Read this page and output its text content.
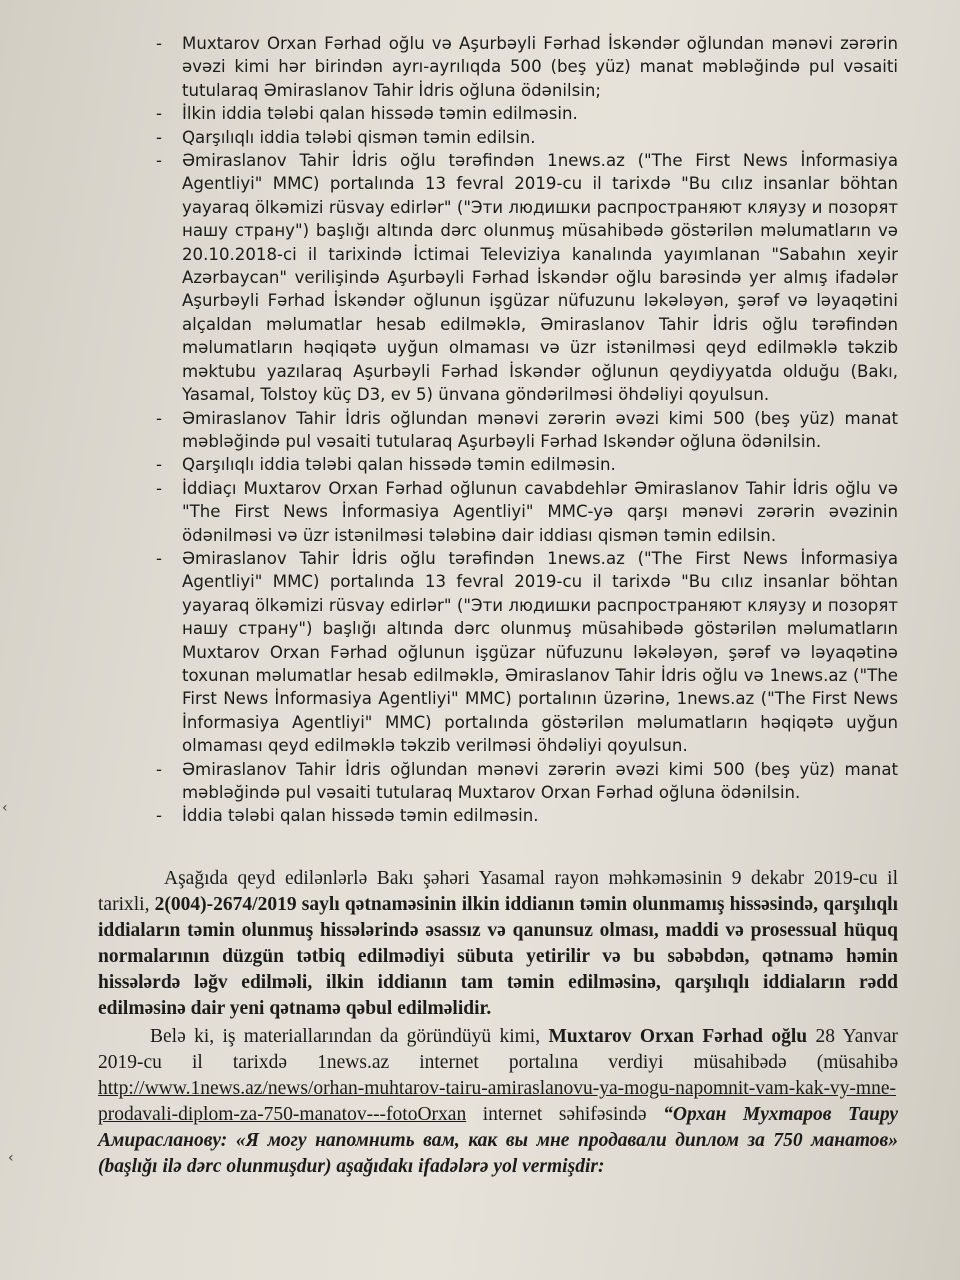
‹
‹
- Muxtarov Orxan Fərhad oğlu və Aşurbəyli Fərhad İskəndər oğlundan mənəvi zərərin əvəzi kimi hər birindən ayrı-ayrılıqda 500 (beş yüz) manat məbləğində pul vəsaiti tutularaq Əmiraslanov Tahir İdris oğluna ödənilsin;
- İlkin iddia tələbi qalan hissədə təmin edilməsin.
- Qarşılıqlı iddia tələbi qismən təmin edilsin.
- Əmiraslanov Tahir İdris oğlu tərəfindən 1news.az ("The First News İnformasiya Agentliyi" MMC) portalında 13 fevral 2019-cu il tarixdə "Bu cılız insanlar böhtan yayaraq ölkəmizi rüsvay edirlər" ("Эти людишки распространяют кляузу и позорят нашу страну") başlığı altında dərc olunmuş müsahibədə göstərilən məlumatların və 20.10.2018-ci il tarixində İctimai Televiziya kanalında yayımlanan "Sabahın xeyir Azərbaycan" verilişində Aşurbəyli Fərhad İskəndər oğlu barəsində yer almış ifadələr Aşurbəyli Fərhad İskəndər oğlunun işgüzar nüfuzunu ləkələyən, şərəf və ləyaqətini alçaldan məlumatlar hesab edilməklə, Əmiraslanov Tahir İdris oğlu tərəfindən məlumatların həqiqətə uyğun olmaması və üzr istənilməsi qeyd edilməklə təkzib məktubu yazılaraq Aşurbəyli Fərhad İskəndər oğlunun qeydiyyatda olduğu (Bakı, Yasamal, Tolstoy küç D3, ev 5) ünvana göndərilməsi öhdəliyi qoyulsun.
- Əmiraslanov Tahir İdris oğlundan mənəvi zərərin əvəzi kimi 500 (beş yüz) manat məbləğində pul vəsaiti tutularaq Aşurbəyli Fərhad Iskəndər oğluna ödənilsin.
- Qarşılıqlı iddia tələbi qalan hissədə təmin edilməsin.
- İddiaçı Muxtarov Orxan Fərhad oğlunun cavabdehlər Əmiraslanov Tahir İdris oğlu və "The First News İnformasiya Agentliyi" MMC-yə qarşı mənəvi zərərin əvəzinin ödənilməsi və üzr istənilməsi tələbinə dair iddiası qismən təmin edilsin.
- Əmiraslanov Tahir İdris oğlu tərəfindən 1news.az ("The First News İnformasiya Agentliyi" MMC) portalında 13 fevral 2019-cu il tarixdə "Bu cılız insanlar böhtan yayaraq ölkəmizi rüsvay edirlər" ("Эти людишки распространяют кляузу и позорят нашу страну") başlığı altında dərc olunmuş müsahibədə göstərilən məlumatların Muxtarov Orxan Fərhad oğlunun işgüzar nüfuzunu ləkələyən, şərəf və ləyaqətinə toxunan məlumatlar hesab edilməklə, Əmiraslanov Tahir İdris oğlu və 1news.az ("The First News İnformasiya Agentliyi" MMC) portalının üzərinə, 1news.az ("The First News İnformasiya Agentliyi" MMC) portalında göstərilən məlumatların həqiqətə uyğun olmaması qeyd edilməklə təkzib verilməsi öhdəliyi qoyulsun.
- Əmiraslanov Tahir İdris oğlundan mənəvi zərərin əvəzi kimi 500 (beş yüz) manat məbləğində pul vəsaiti tutularaq Muxtarov Orxan Fərhad oğluna ödənilsin.
- İddia tələbi qalan hissədə təmin edilməsin.

Aşağıda qeyd edilənlərlə Bakı şəhəri Yasamal rayon məhkəməsinin 9 dekabr 2019-cu il tarixli, 2(004)-2674/2019 saylı qətnaməsinin ilkin iddianın təmin olunmamış hissəsində, qarşılıqlı iddiaların təmin olunmuş hissələrində əsassız və qanunsuz olması, maddi və prosessual hüquq normalarının düzgün tətbiq edilmədiyi sübuta yetirilir və bu səbəbdən, qətnamə həmin hissələrdə ləğv edilməli, ilkin iddianın tam təmin edilməsinə, qarşılıqlı iddiaların rədd edilməsinə dair yeni qətnamə qəbul edilməlidir.

Belə ki, iş materiallarından da göründüyü kimi, Muxtarov Orxan Fərhad oğlu 28 Yanvar 2019-cu il tarixdə 1news.az internet portalına verdiyi müsahibədə (müsahibə http://www.1news.az/news/orhan-muhtarov-tairu-amiraslanovu-ya-mogu-napomnit-vam-kak-vy-mne-prodavali-diplom-za-750-manatov---fotoOrxan internet səhifəsində “Орхан Мухтаров Таиру Амирасланову: «Я могу напомнить вам, как вы мне продавали диплом за 750 манатов» (başlığı ilə dərc olunmuşdur) aşağıdakı ifadələrə yol vermişdir:
